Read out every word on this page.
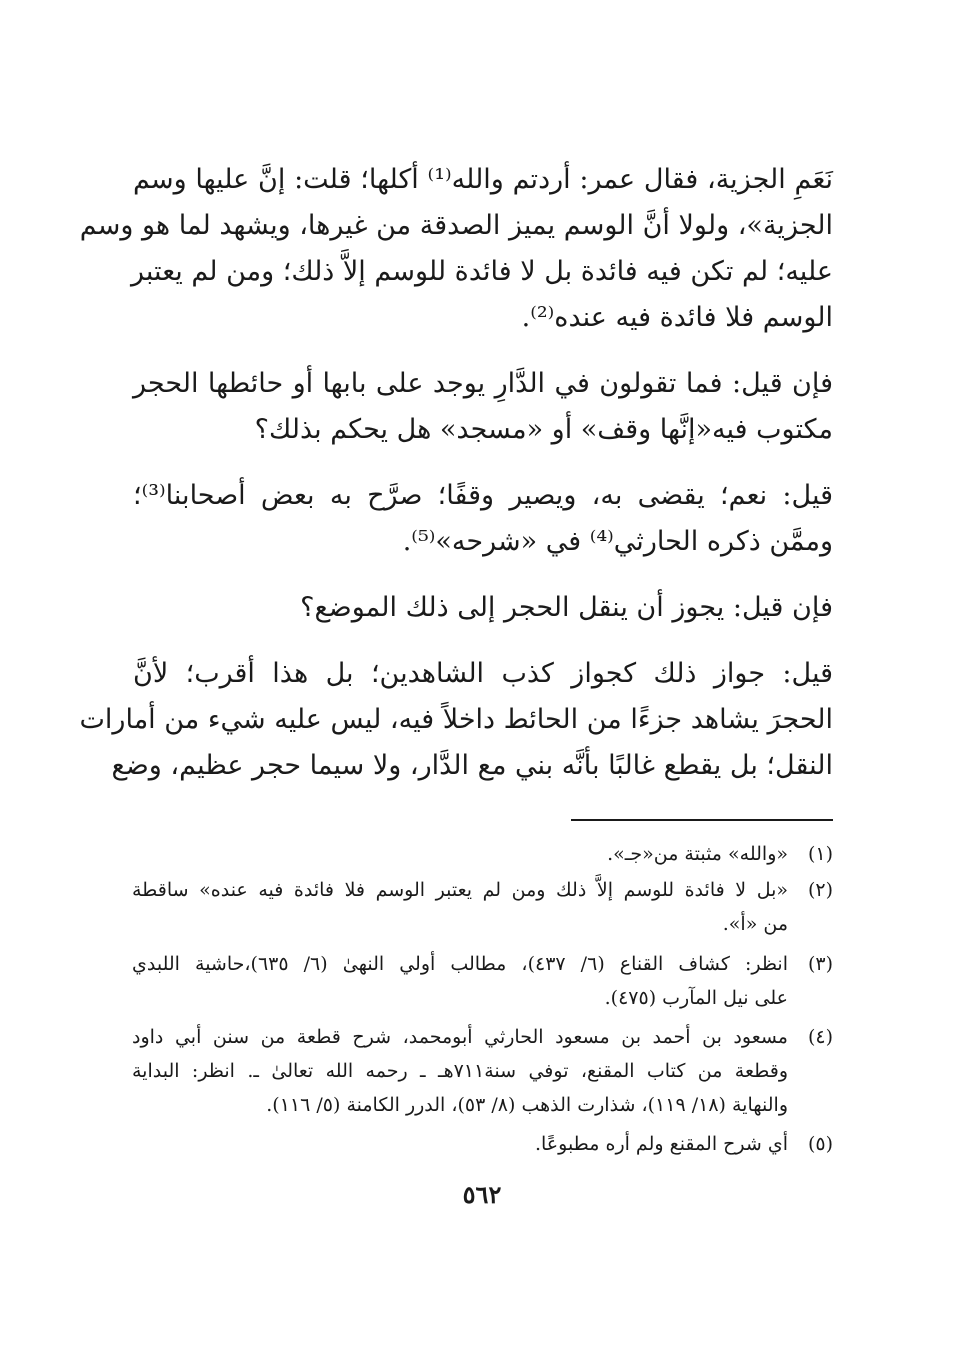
نَعَمِ الجزية، فقال عمر: أردتم والله⁽¹⁾ أكلها؛ قلت: إنَّ عليها وسم
الجزية»، ولولا أنَّ الوسم يميز الصدقة من غيرها، ويشهد لما هو وسم
عليه؛ لم تكن فيه فائدة بل لا فائدة للوسم إلاَّ ذلك؛ ومن لم يعتبر
الوسم فلا فائدة فيه عنده⁽²⁾.
فإن قيل: فما تقولون في الدَّارِ يوجد على بابها أو حائطها الحجر
مكتوب فيه«إنَّها وقف» أو «مسجد» هل يحكم بذلك؟
قيل: نعم؛ يقضى به، ويصير وقفًا؛ صرَّح به بعض أصحابنا⁽³⁾؛
وممَّن ذكره الحارثي⁽⁴⁾ في «شرحه»⁽⁵⁾.
فإن قيل: يجوز أن ينقل الحجر إلى ذلك الموضع؟
قيل: جواز ذلك كجواز كذب الشاهدين؛ بل هذا أقرب؛ لأنَّ
الحجرَ يشاهد جزءًا من الحائط داخلاً فيه، ليس عليه شيء من أمارات
النقل؛ بل يقطع غالبًا بأنَّه بني مع الدَّار، ولا سيما حجر عظيم، وضع
(١)
«والله» مثبتة من«جـ».
(٢)
«بل لا فائدة للوسم إلاَّ ذلك ومن لم يعتبر الوسم فلا فائدة فيه عنده» ساقطة
من «أ».
(٣)
انظر: كشاف القناع (٦/ ٤٣٧)، مطالب أولي النهىٰ (٦/ ٦٣٥)،حاشية اللبدي
على نيل المآرب (٤٧٥).
(٤)
مسعود بن أحمد بن مسعود الحارثي أبومحمد، شرح قطعة من سنن أبي داود
وقطعة من كتاب المقنع، توفي سنة٧١١هـ ـ رحمه الله تعالىٰ ـ. انظر: البداية
والنهاية (١٨/ ١١٩)، شذارت الذهب (٨/ ٥٣)، الدرر الكامنة (٥/ ١١٦).
(٥)
أي شرح المقنع ولم أره مطبوعًا.
٥٦٢
